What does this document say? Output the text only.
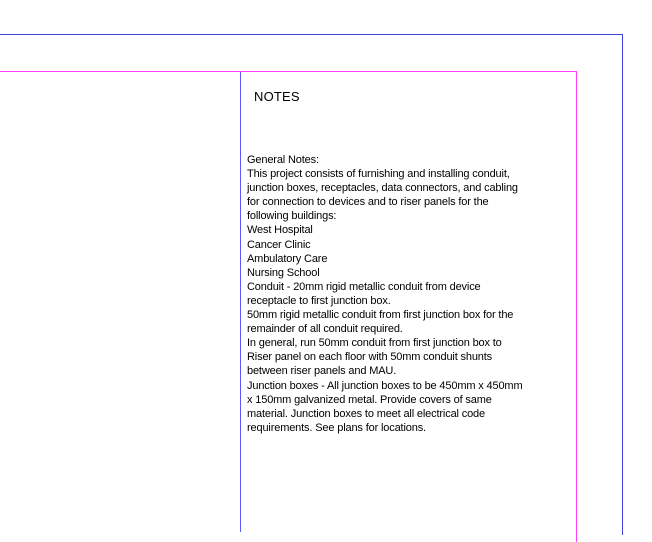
NOTES
General Notes:
This project consists of furnishing and installing conduit,
junction boxes, receptacles, data connectors, and cabling
for connection to devices and to riser panels for the
following buildings:
West Hospital
Cancer Clinic
Ambulatory Care
Nursing School
Conduit - 20mm rigid metallic conduit from device
receptacle to first junction box.
50mm rigid metallic conduit from first junction box for the
remainder of all conduit required.
In general, run 50mm conduit from first junction box to
Riser panel on each floor with 50mm conduit shunts
between riser panels and MAU.
Junction boxes - All junction boxes to be 450mm x 450mm
x 150mm galvanized metal. Provide covers of same
material. Junction boxes to meet all electrical code
requirements. See plans for locations.
